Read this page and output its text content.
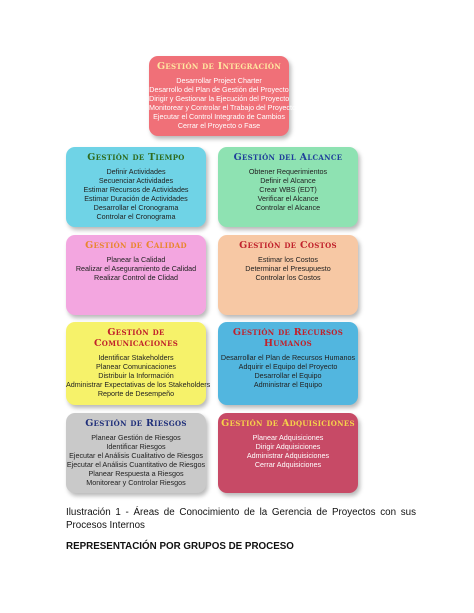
Gestión de Integración
Desarrollar Project Charter
Desarrollo del Plan de Gestión del Proyecto
Dirigir y Gestionar la Ejecución del Proyecto
Monitorear y Controlar el Trabajo del Proyecto
Ejecutar el Control Integrado de Cambios
Cerrar el Proyecto o Fase
Gestión de Tiempo
Definir Actividades
Secuenciar Actividades
Estimar Recursos de Actividades
Estimar Duración de Actividades
Desarrollar el Cronograma
Controlar el Cronograma
Gestión del Alcance
Obtener Requerimientos
Definir el Alcance
Crear WBS (EDT)
Verificar el Alcance
Controlar el Alcance
Gestión de Calidad
Planear la Calidad
Realizar el Aseguramiento de Calidad
Realizar Control de Clidad
Gestión de Costos
Estimar los Costos
Determinar el Presupuesto
Controlar los Costos
Gestión de Comunicaciones
Identificar Stakeholders
Planear Comunicaciones
Distribuir la Información
Administrar Expectativas de los Stakeholders
Reporte de Desempeño
Gestión de Recursos Humanos
Desarrollar el Plan de Recursos Humanos
Adquirir el Equipo del Proyecto
Desarrollar el Equipo
Administrar el Equipo
Gestión de Riesgos
Planear Gestión de Riesgos
Identificar Riesgos
Ejecutar el Análisis Cualitativo de Riesgos
Ejecutar el Análisis Cuantitativo de Riesgos
Planear Respuesta a Riesgos
Monitorear y Controlar Riesgos
Gestión de Adquisiciones
Planear Adquisiciones
Dirigir Adquisiciones
Administrar Adquisiciones
Cerrar Adquisiciones
Ilustración 1 - Áreas de Conocimiento de la Gerencia de Proyectos con sus Procesos Internos
REPRESENTACIÓN POR GRUPOS DE PROCESO
